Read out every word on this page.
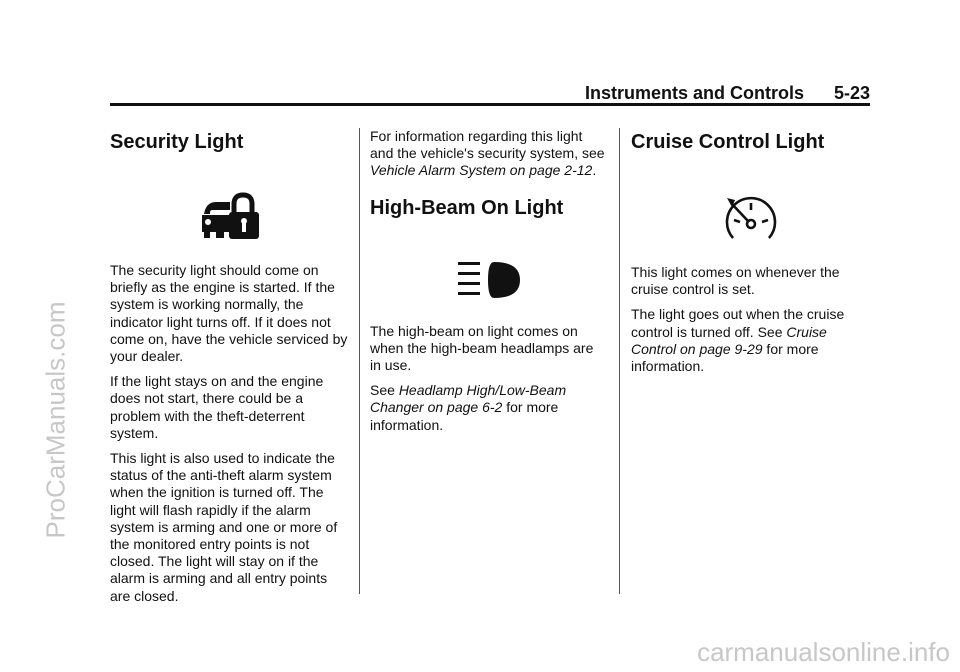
ProCarManuals.com
Instruments and Controls 5-23
Security Light

The security light should come on briefly as the engine is started. If the system is working normally, the indicator light turns off. If it does not come on, have the vehicle serviced by your dealer.

If the light stays on and the engine does not start, there could be a problem with the theft-deterrent system.

This light is also used to indicate the status of the anti-theft alarm system when the ignition is turned off. The light will flash rapidly if the alarm system is arming and one or more of the monitored entry points is not closed. The light will stay on if the alarm is arming and all entry points are closed.

For information regarding this light and the vehicle's security system, see Vehicle Alarm System on page 2-12.

High-Beam On Light

The high-beam on light comes on when the high-beam headlamps are in use.

See Headlamp High/Low-Beam Changer on page 6-2 for more information.

Cruise Control Light

This light comes on whenever the cruise control is set.

The light goes out when the cruise control is turned off. See Cruise Control on page 9-29 for more information.

carmanualsonline.info
